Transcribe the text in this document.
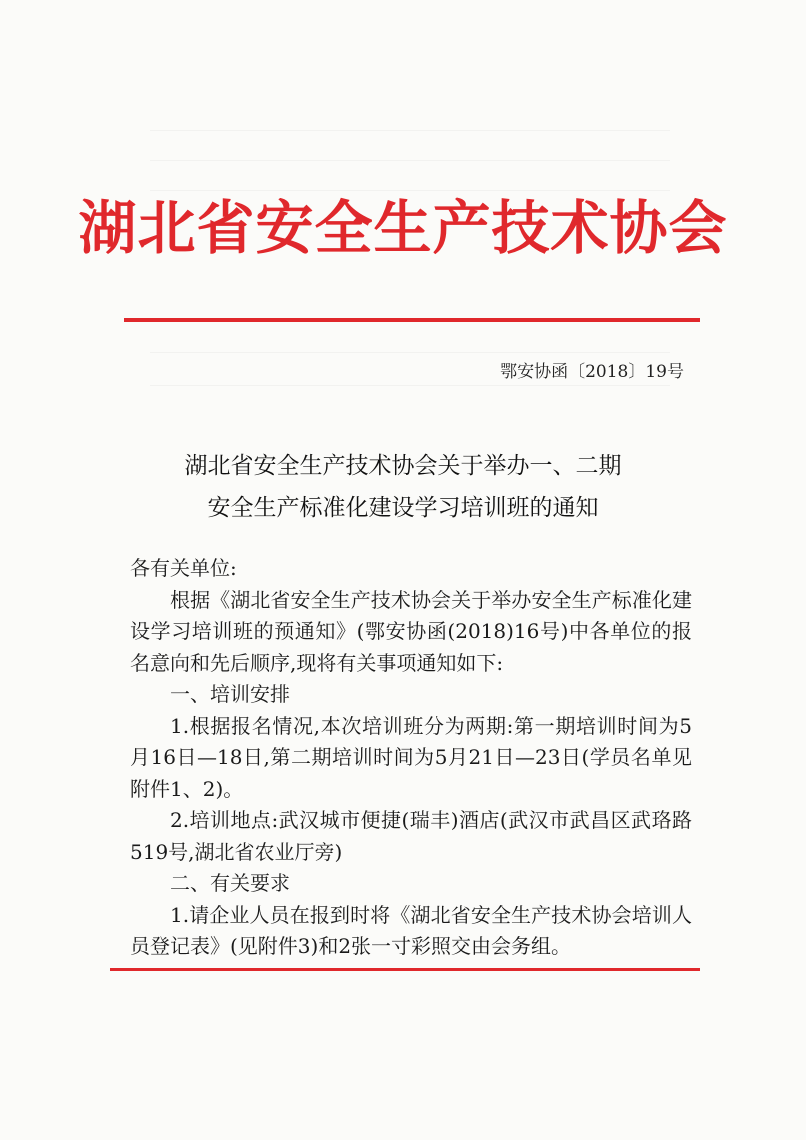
湖北省安全生产技术协会
鄂安协函〔2018〕19号
湖北省安全生产技术协会关于举办一、二期
安全生产标准化建设学习培训班的通知

各有关单位:

根据《湖北省安全生产技术协会关于举办安全生产标准化建设学习培训班的预通知》(鄂安协函(2018)16号)中各单位的报名意向和先后顺序,现将有关事项通知如下:

一、培训安排

1.根据报名情况,本次培训班分为两期:第一期培训时间为5月16日—18日,第二期培训时间为5月21日—23日(学员名单见附件1、2)。

2.培训地点:武汉城市便捷(瑞丰)酒店(武汉市武昌区武珞路519号,湖北省农业厅旁)

二、有关要求

1.请企业人员在报到时将《湖北省安全生产技术协会培训人员登记表》(见附件3)和2张一寸彩照交由会务组。
